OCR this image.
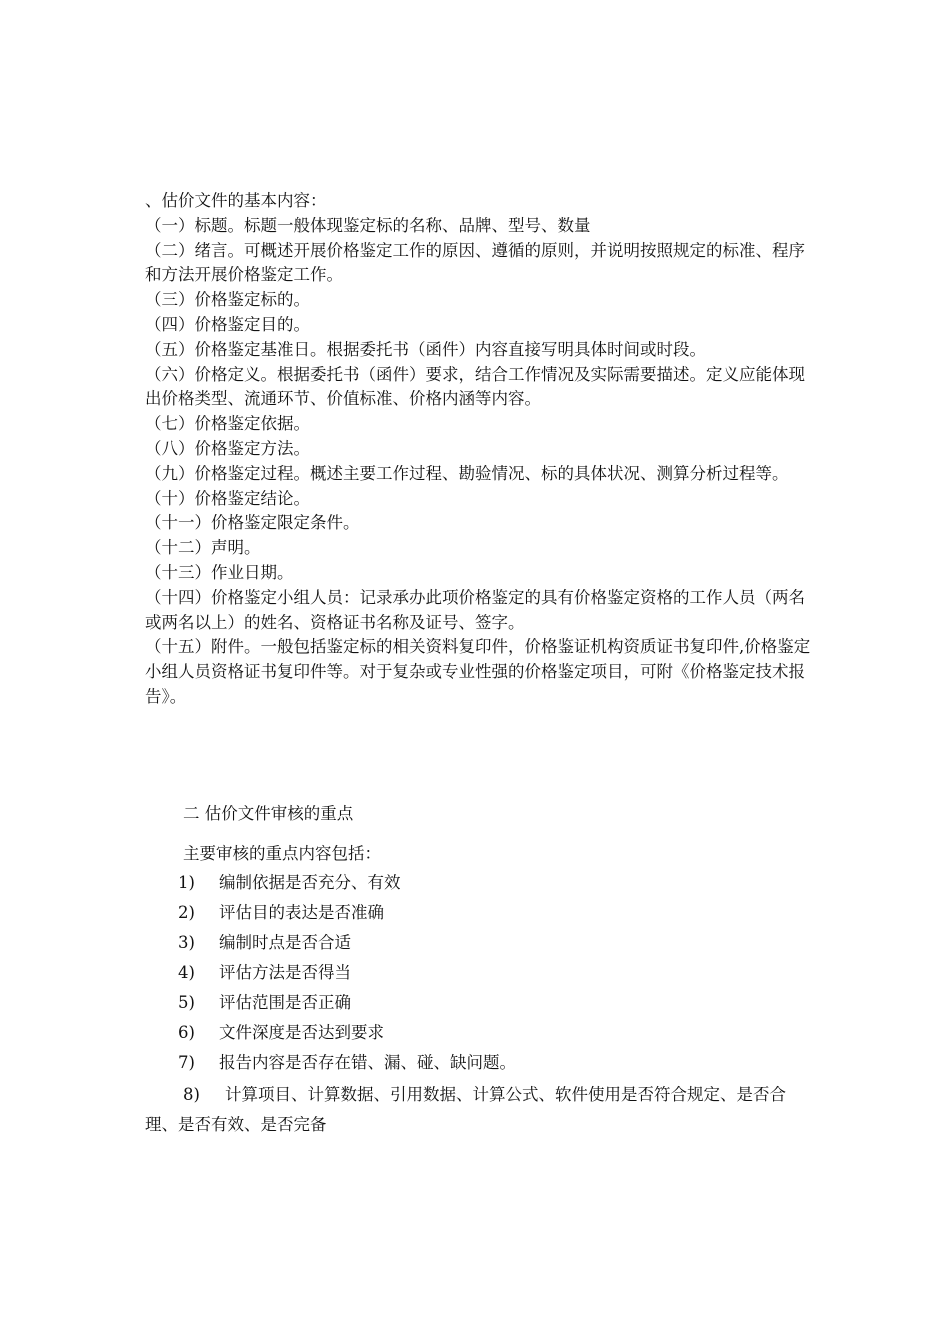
、估价文件的基本内容：

（一）标题。标题一般体现鉴定标的名称、品牌、型号、数量

（二）绪言。可概述开展价格鉴定工作的原因、遵循的原则，并说明按照规定的标准、程序和方法开展价格鉴定工作。

（三）价格鉴定标的。

（四）价格鉴定目的。

（五）价格鉴定基准日。根据委托书（函件）内容直接写明具体时间或时段。

（六）价格定义。根据委托书（函件）要求，结合工作情况及实际需要描述。定义应能体现出价格类型、流通环节、价值标准、价格内涵等内容。

（七）价格鉴定依据。

（八）价格鉴定方法。

（九）价格鉴定过程。概述主要工作过程、勘验情况、标的具体状况、测算分析过程等。

（十）价格鉴定结论。

（十一）价格鉴定限定条件。

（十二）声明。

（十三）作业日期。

（十四）价格鉴定小组人员：记录承办此项价格鉴定的具有价格鉴定资格的工作人员（两名或两名以上）的姓名、资格证书名称及证号、签字。

（十五）附件。一般包括鉴定标的相关资料复印件，价格鉴证机构资质证书复印件,价格鉴定小组人员资格证书复印件等。对于复杂或专业性强的价格鉴定项目，可附《价格鉴定技术报告》。

二 估价文件审核的重点

主要审核的重点内容包括：

1)	编制依据是否充分、有效
2)	评估目的表达是否准确
3)	编制时点是否合适
4)	评估方法是否得当
5)	评估范围是否正确
6)	文件深度是否达到要求
7)	报告内容是否存在错、漏、碰、缺问题。

8) 计算项目、计算数据、引用数据、计算公式、软件使用是否符合规定、是否合理、是否有效、是否完备
